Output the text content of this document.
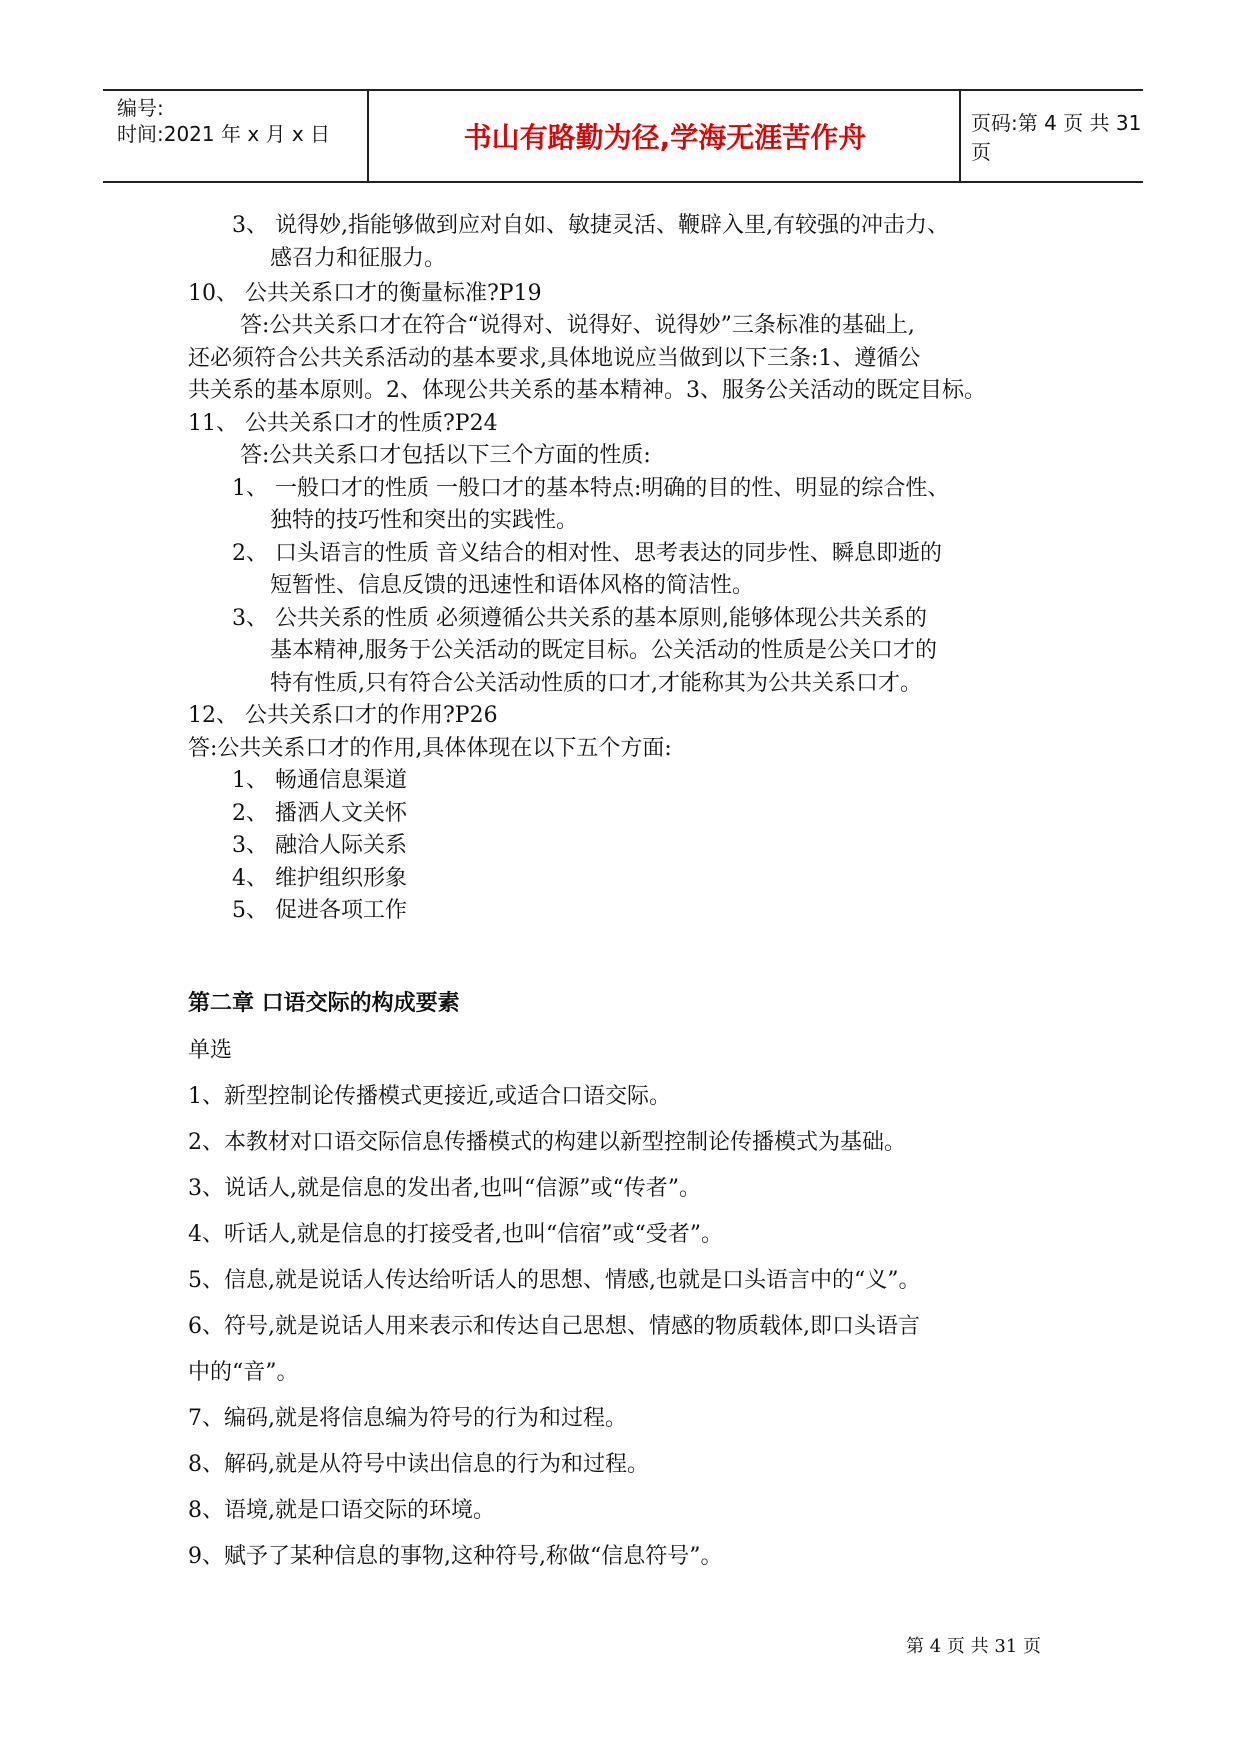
编号:
时间:2021 年 x 月 x 日	书山有路勤为径,学海无涯苦作舟	页码:第 4 页 共 31 页
3、 说得妙,指能够做到应对自如、敏捷灵活、鞭辟入里,有较强的冲击力、
感召力和征服力。
10、 公共关系口才的衡量标准?P19
答:公共关系口才在符合“说得对、说得好、说得妙”三条标准的基础上,
还必须符合公共关系活动的基本要求,具体地说应当做到以下三条:1、遵循公
共关系的基本原则。2、体现公共关系的基本精神。3、服务公关活动的既定目标。
11、 公共关系口才的性质?P24
答:公共关系口才包括以下三个方面的性质:
1、 一般口才的性质 一般口才的基本特点:明确的目的性、明显的综合性、
独特的技巧性和突出的实践性。
2、 口头语言的性质 音义结合的相对性、思考表达的同步性、瞬息即逝的
短暂性、信息反馈的迅速性和语体风格的简洁性。
3、 公共关系的性质 必须遵循公共关系的基本原则,能够体现公共关系的
基本精神,服务于公关活动的既定目标。公关活动的性质是公关口才的
特有性质,只有符合公关活动性质的口才,才能称其为公共关系口才。
12、 公共关系口才的作用?P26
答:公共关系口才的作用,具体体现在以下五个方面:
1、 畅通信息渠道
2、 播洒人文关怀
3、 融洽人际关系
4、 维护组织形象
5、 促进各项工作
第二章 口语交际的构成要素
单选
1、新型控制论传播模式更接近,或适合口语交际。
2、本教材对口语交际信息传播模式的构建以新型控制论传播模式为基础。
3、说话人,就是信息的发出者,也叫“信源”或“传者”。
4、听话人,就是信息的打接受者,也叫“信宿”或“受者”。
5、信息,就是说话人传达给听话人的思想、情感,也就是口头语言中的“义”。
6、符号,就是说话人用来表示和传达自己思想、情感的物质载体,即口头语言
中的“音”。
7、编码,就是将信息编为符号的行为和过程。
8、解码,就是从符号中读出信息的行为和过程。
8、语境,就是口语交际的环境。
9、赋予了某种信息的事物,这种符号,称做“信息符号”。
第 4 页 共 31 页
